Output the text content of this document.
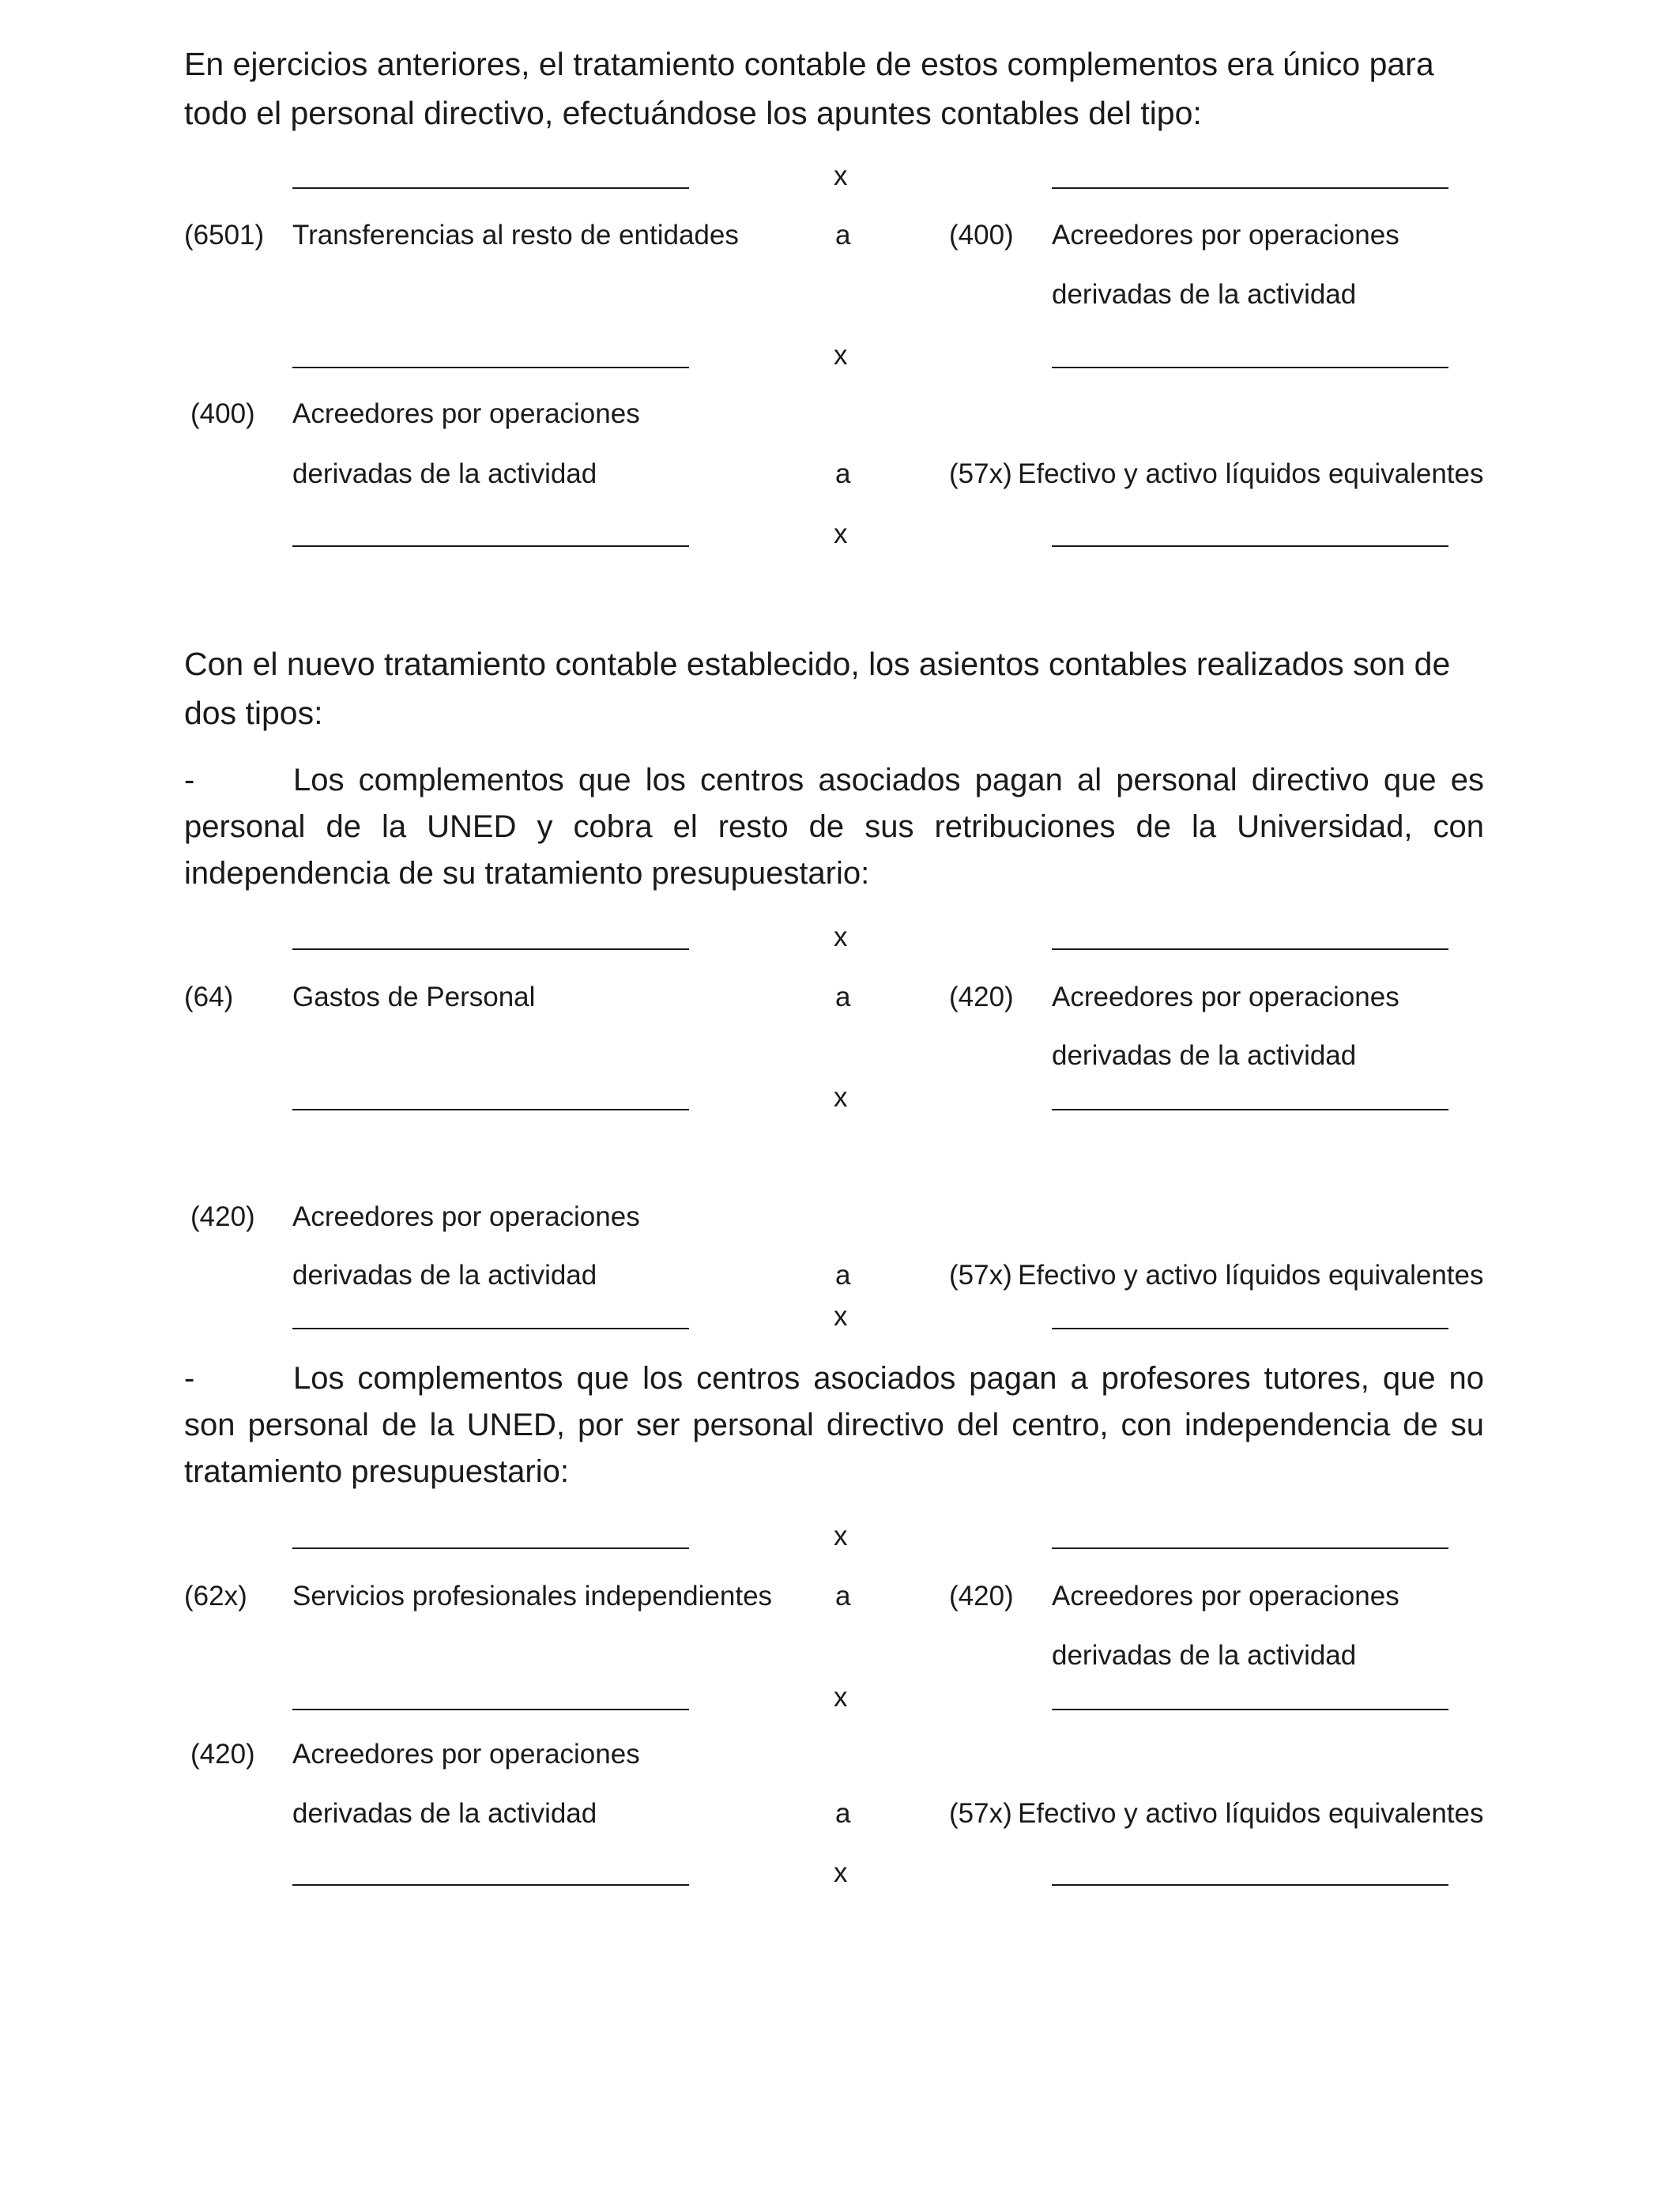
En ejercicios anteriores, el tratamiento contable de estos complementos era único para todo el personal directivo, efectuándose los apuntes contables del tipo:

x
(6501) Transferencias al resto de entidades	a	(400) Acreedores por operaciones
derivadas de la actividad
x
(400) Acreedores por operaciones
derivadas de la actividad	a	(57x) Efectivo y activo líquidos equivalentes
x

Con el nuevo tratamiento contable establecido, los asientos contables realizados son de dos tipos:

-	Los complementos que los centros asociados pagan al personal directivo que es personal de la UNED y cobra el resto de sus retribuciones de la Universidad, con independencia de su tratamiento presupuestario:

x
(64) Gastos de Personal	a	(420) Acreedores por operaciones
derivadas de la actividad
x
(420) Acreedores por operaciones
derivadas de la actividad	a	(57x) Efectivo y activo líquidos equivalentes
x

-	Los complementos que los centros asociados pagan a profesores tutores, que no son personal de la UNED, por ser personal directivo del centro, con independencia de su tratamiento presupuestario:

x
(62x) Servicios profesionales independientes a	(420) Acreedores por operaciones
derivadas de la actividad
x
(420) Acreedores por operaciones
derivadas de la actividad	a	(57x) Efectivo y activo líquidos equivalentes
x
